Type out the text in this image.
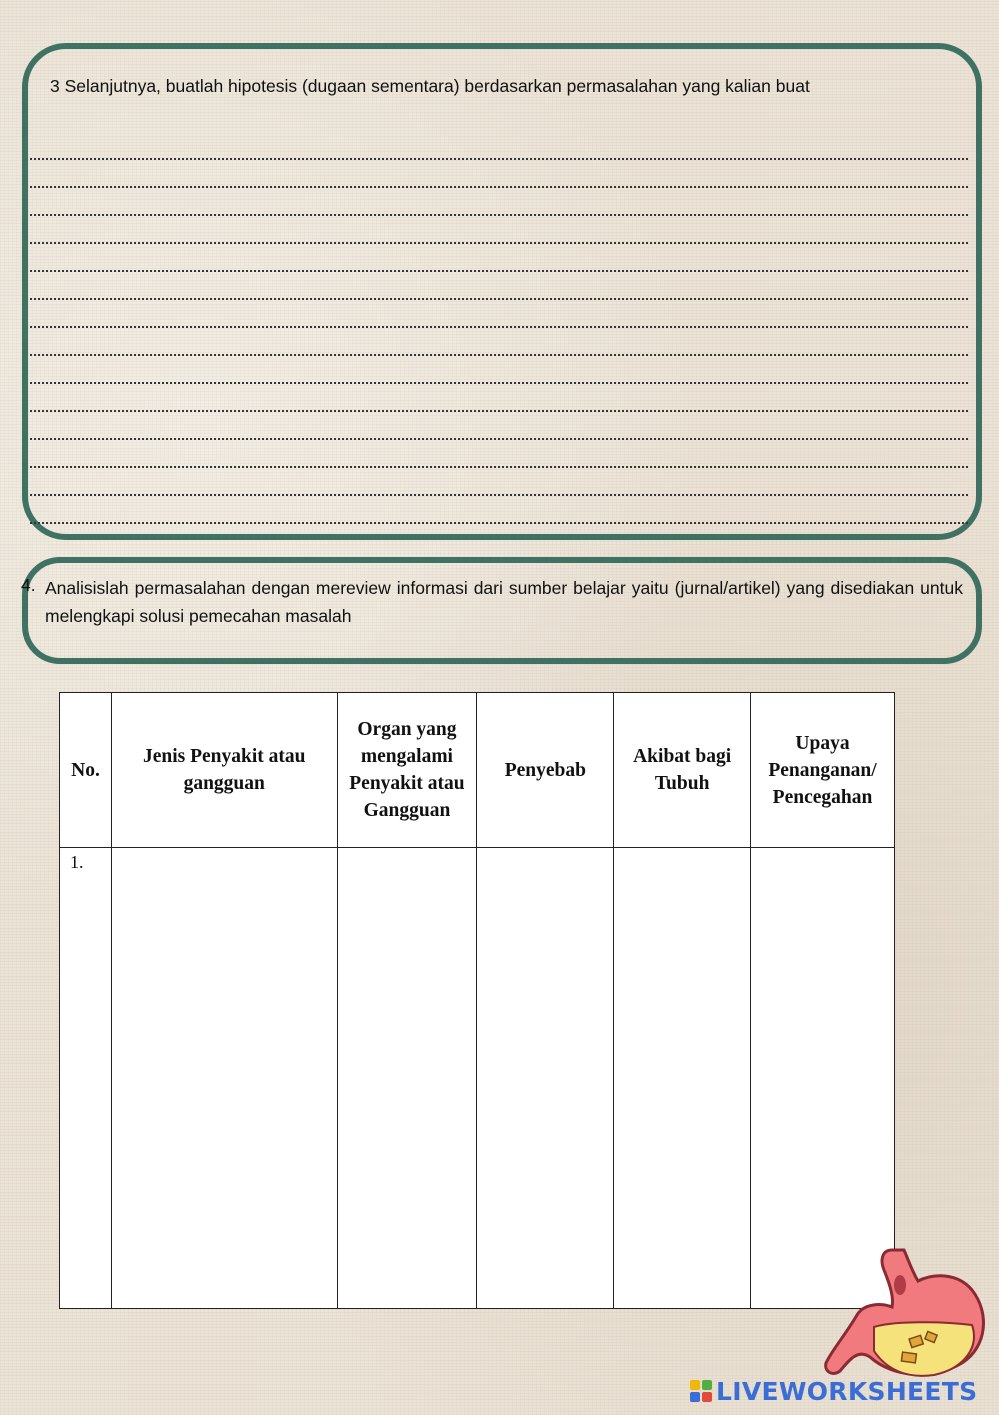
3 Selanjutnya, buatlah hipotesis (dugaan sementara) berdasarkan permasalahan yang kalian buat
4. Analisislah permasalahan dengan mereview informasi dari sumber belajar yaitu (jurnal/artikel) yang disediakan untuk melengkapi solusi pemecahan masalah
No.	Jenis Penyakit atau gangguan	Organ yang mengalami Penyakit atau Gangguan	Penyebab	Akibat bagi Tubuh	Upaya Penanganan/ Pencegahan
1.					
LIVEWORKSHEETS
